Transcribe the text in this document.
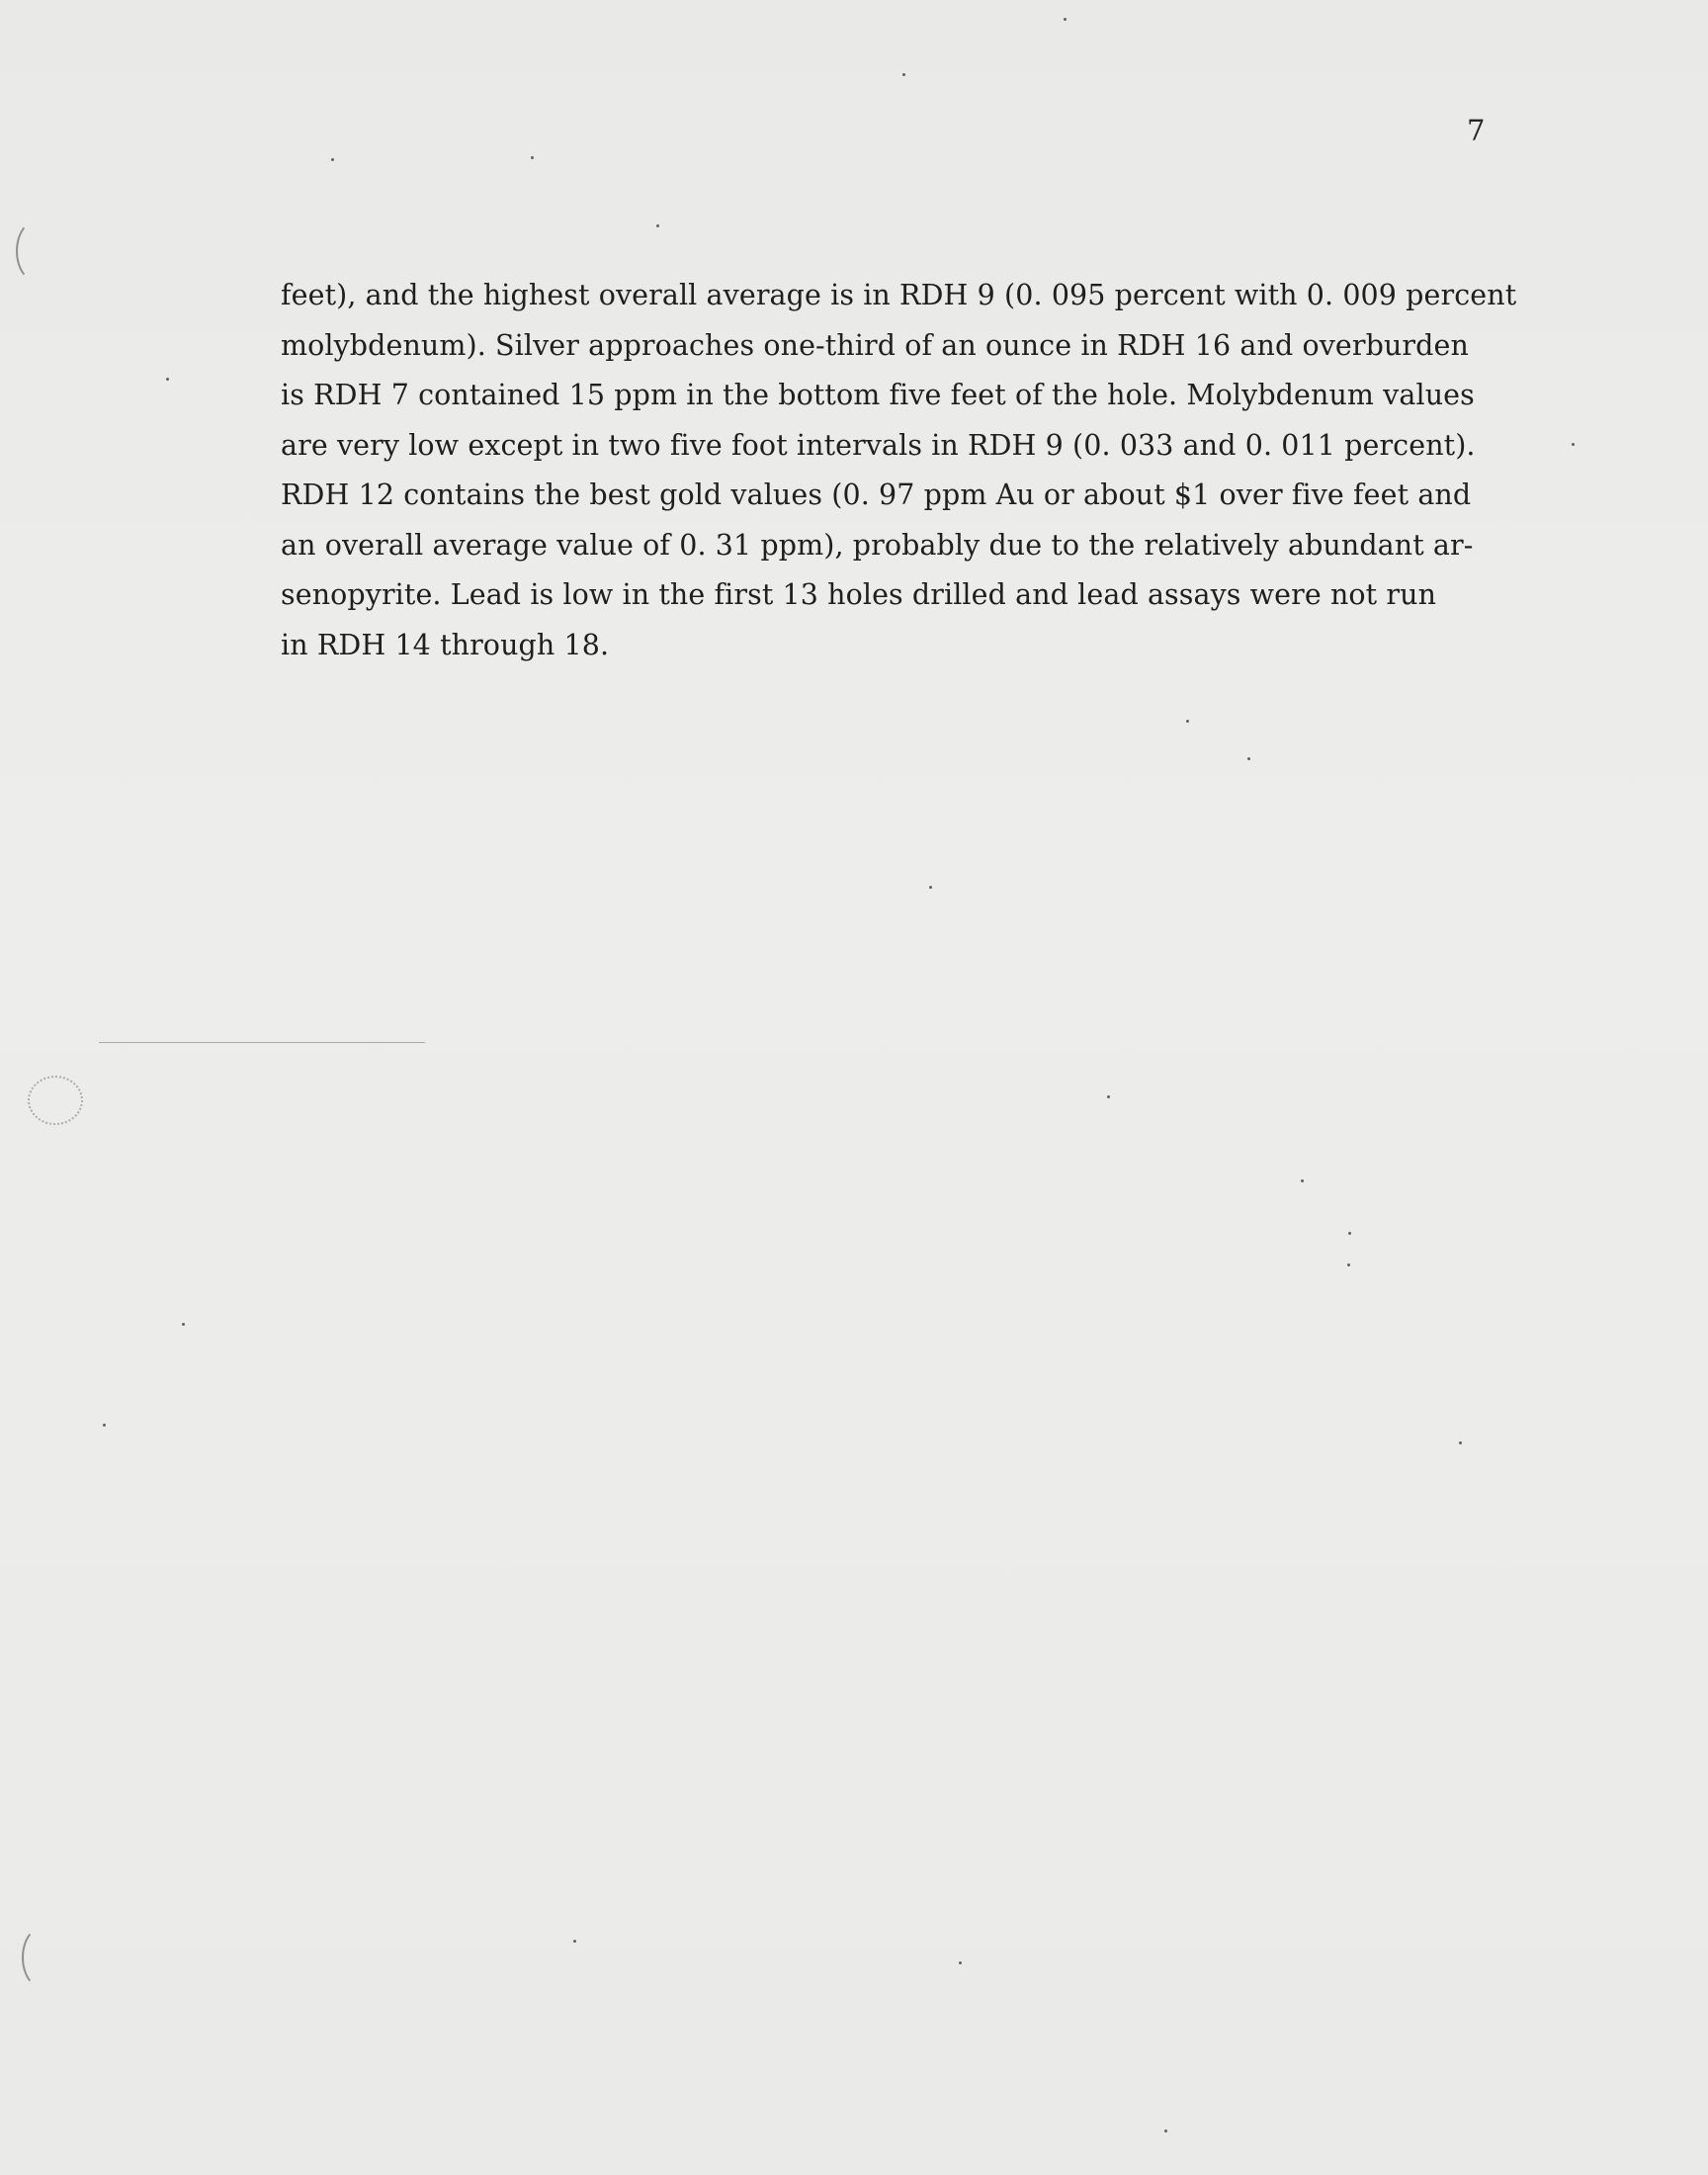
7

feet), and the highest overall average is in RDH 9 (0. 095 percent with 0. 009 percent
molybdenum). Silver approaches one-third of an ounce in RDH 16 and overburden
is RDH 7 contained 15 ppm in the bottom five feet of the hole. Molybdenum values
are very low except in two five foot intervals in RDH 9 (0. 033 and 0. 011 percent).
RDH 12 contains the best gold values (0. 97 ppm Au or about $1 over five feet and
an overall average value of 0. 31 ppm), probably due to the relatively abundant ar-
senopyrite. Lead is low in the first 13 holes drilled and lead assays were not run
in RDH 14 through 18.
